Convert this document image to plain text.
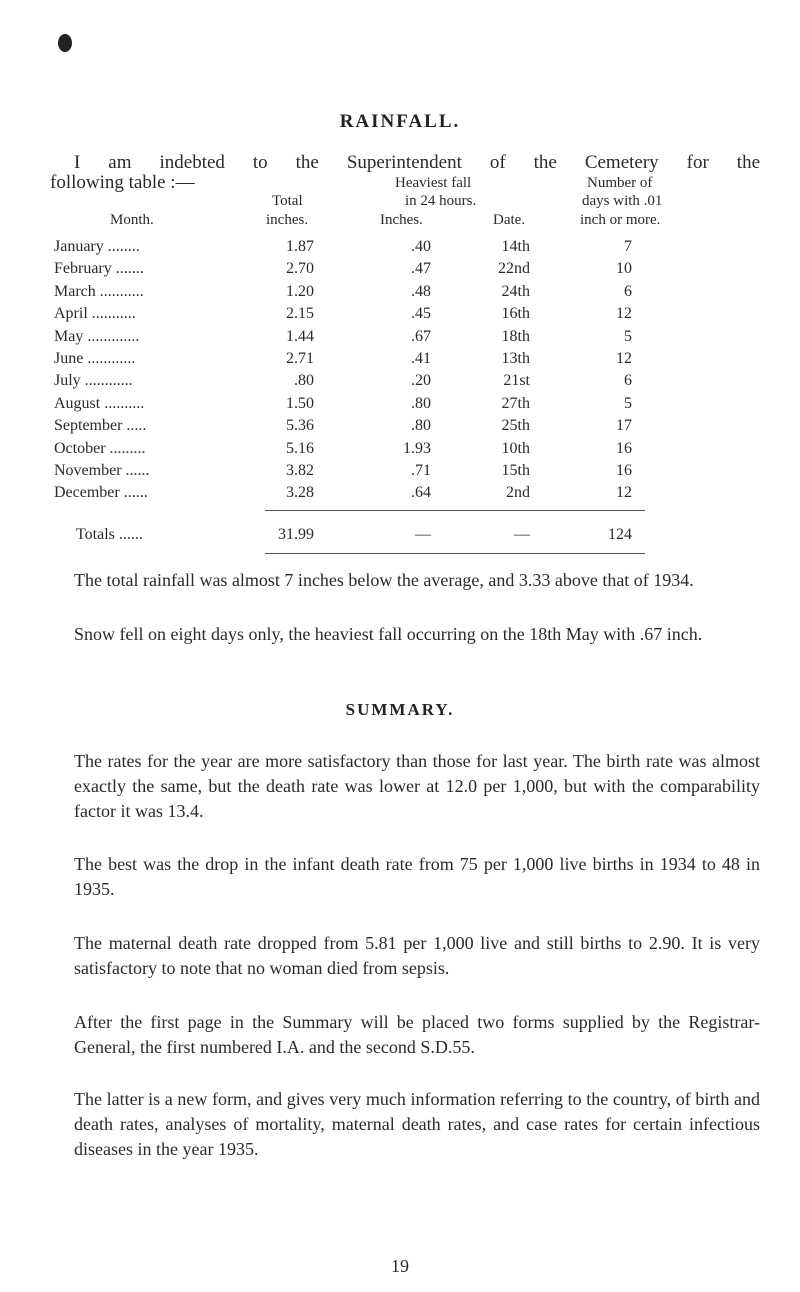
RAINFALL.
I am indebted to the Superintendent of the Cemetery for the
following table :—	Heaviest fall	Number of
Total	in 24 hours.	days with .01
Month.	inches.	Inches.	Date.	inch or more.
January ........	1.87	.40	14th	7
February .......	2.70	.47	22nd	10
March ...........	1.20	.48	24th	6
April ...........	2.15	.45	16th	12
May .............	1.44	.67	18th	5
June ............	2.71	.41	13th	12
July ............	.80	.20	21st	6
August ..........	1.50	.80	27th	5
September .....	5.36	.80	25th	17
October .........	5.16	1.93	10th	16
November ......	3.82	.71	15th	16
December ......	3.28	.64	2nd	12
Totals ......	31.99	—	—	124
The total rainfall was almost 7 inches below the average, and 3.33 above that of 1934.
Snow fell on eight days only, the heaviest fall occurring on the 18th May with .67 inch.
SUMMARY.
The rates for the year are more satisfactory than those for last year. The birth rate was almost exactly the same, but the death rate was lower at 12.0 per 1,000, but with the comparability factor it was 13.4.
The best was the drop in the infant death rate from 75 per 1,000 live births in 1934 to 48 in 1935.
The maternal death rate dropped from 5.81 per 1,000 live and still births to 2.90. It is very satisfactory to note that no woman died from sepsis.
After the first page in the Summary will be placed two forms supplied by the Registrar-General, the first numbered I.A. and the second S.D.55.
The latter is a new form, and gives very much information referring to the country, of birth and death rates, analyses of mortality, maternal death rates, and case rates for certain infectious diseases in the year 1935.
19
